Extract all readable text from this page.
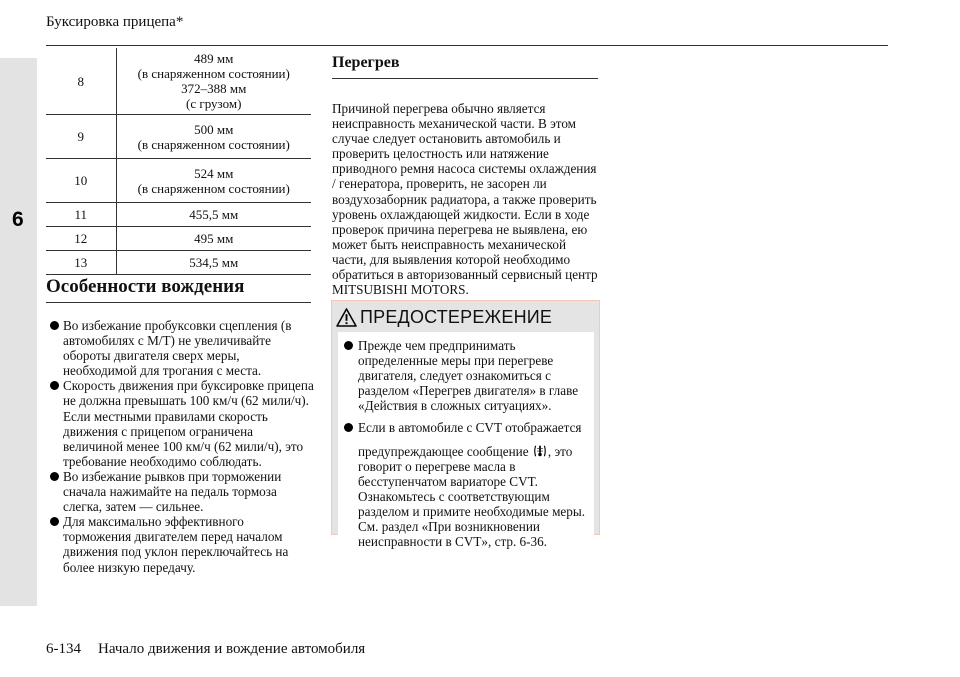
6
Буксировка прицепа*
8	489 мм
(в снаряженном состоянии)
372–388 мм
(с грузом)

9	500 мм
(в снаряженном состоянии)

10	524 мм
(в снаряженном состоянии)

11	455,5 мм

12	495 мм

13	534,5 мм
Особенности вождения
Во избежание пробуксовки сцепления (в автомобилях с M/T) не увеличивайте обороты двигателя сверх меры, необходимой для трогания с места.
Скорость движения при буксировке прицепа не должна превышать 100 км/ч (62 мили/ч). Если местными правилами скорость движения с прицепом ограничена величиной менее 100 км/ч (62 мили/ч), это требование необходимо соблюдать.
Во избежание рывков при торможении сначала нажимайте на педаль тормоза слегка, затем — сильнее.
Для максимально эффективного торможения двигателем перед началом движения под уклон переключайтесь на более низкую передачу.
Перегрев

Причиной перегрева обычно является неисправность механической части. В этом случае следует остановить автомобиль и проверить целостность или натяжение приводного ремня насоса системы охлаждения / генератора, проверить, не засорен ли воздухозаборник радиатора, а также проверить уровень охлаждающей жидкости. Если в ходе проверок причина перегрева не выявлена, ею может быть неисправность механической части, для выявления которой необходимо обратиться в авторизованный сервисный центр MITSUBISHI MOTORS.

ПРЕДОСТЕРЕЖЕНИЕ
Прежде чем предпринимать определенные меры при перегреве двигателя, следует ознакомиться с разделом «Перегрев двигателя» в главе «Действия в сложных ситуациях».
Если в автомобиле с CVT отображается предупреждающее сообщение , это говорит о перегреве масла в бесступенчатом вариаторе CVT. Ознакомьтесь с соответствующим разделом и примите необходимые меры. См. раздел «При возникновении неисправности в CVT», стр. 6-36.
6-134 Начало движения и вождение автомобиля
